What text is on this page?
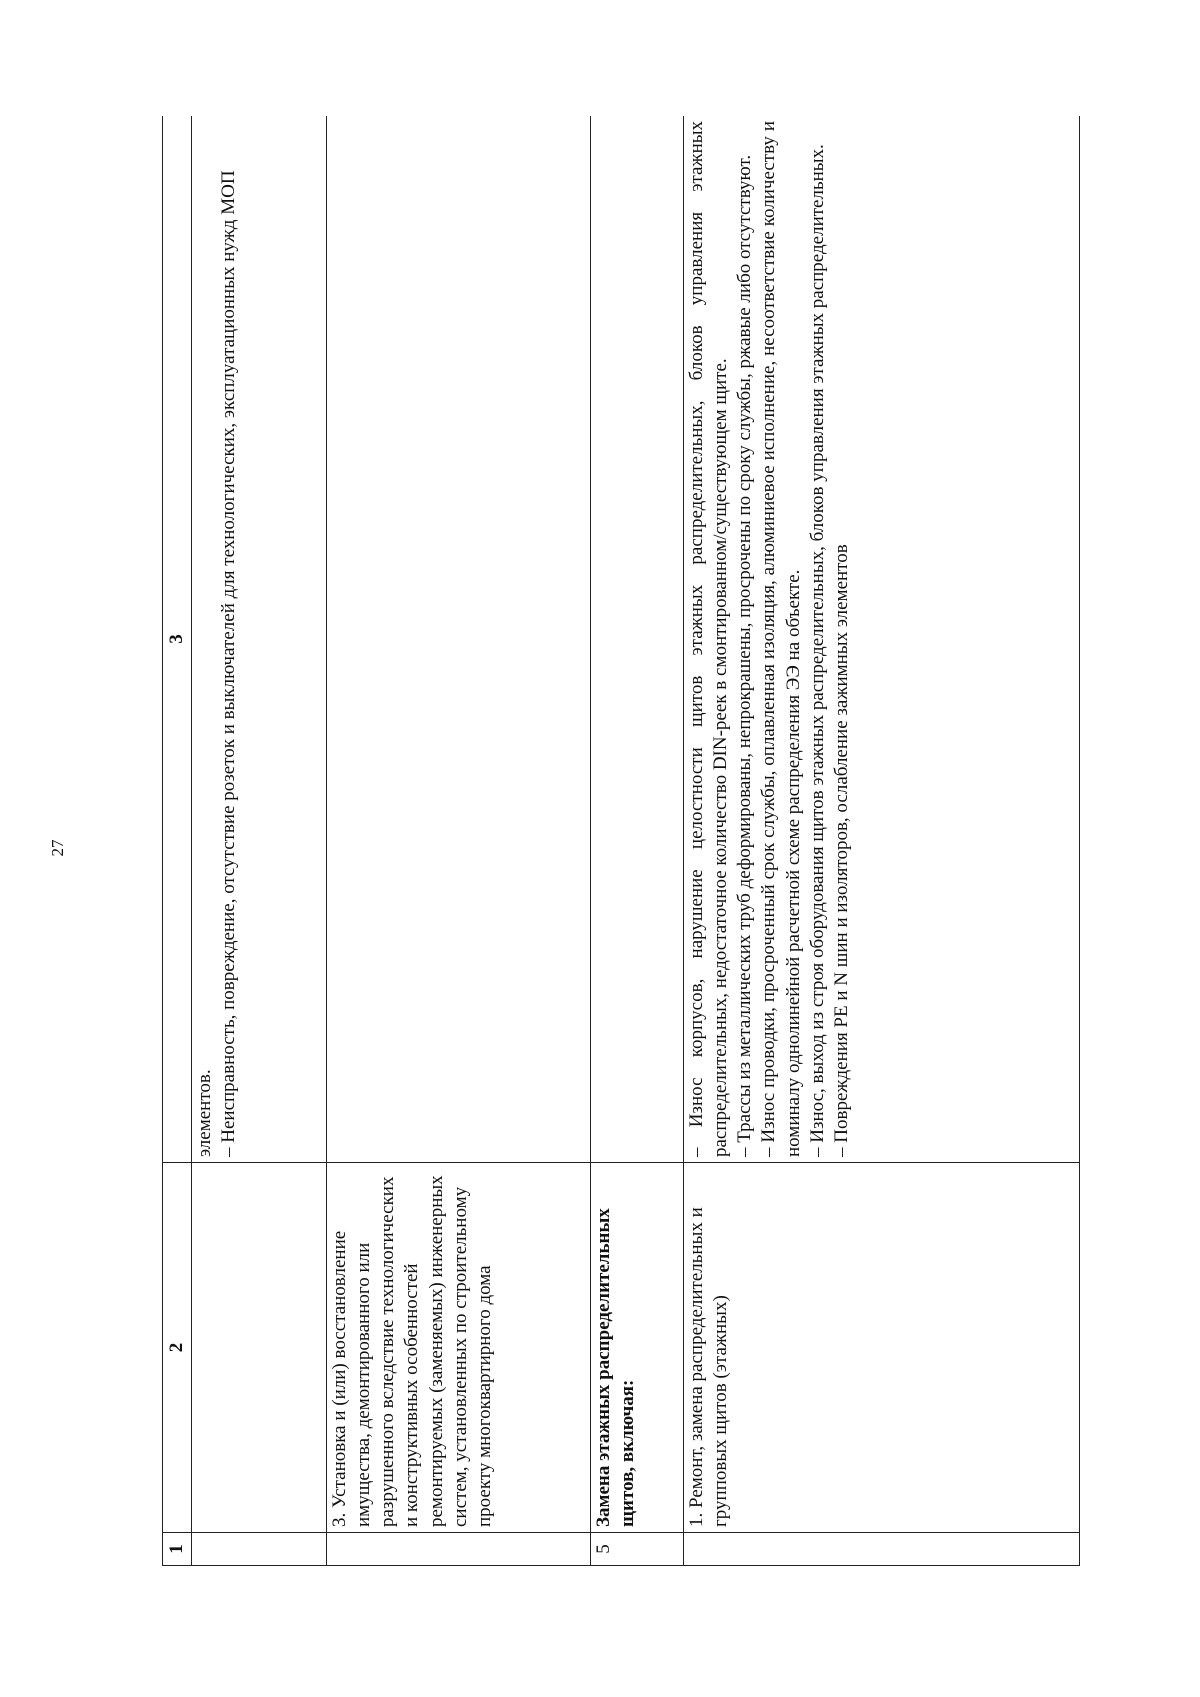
27
1	2	3

		элементов. – Неисправность, повреждение, отсутствие розеток и выключателей для технологических, эксплуатационных нужд МОП

	3. Установка и (или) восстановление имущества, демонтированного или разрушенного вследствие технологических и конструктивных особенностей ремонтируемых (заменяемых) инженерных систем, установленных по строительному проекту многоквартирного дома	
5	Замена этажных распределительных щитов, включая:	
	1. Ремонт, замена распределительных и групповых щитов (этажных)	– Износ корпусов, нарушение целостности щитов этажных распределительных, блоков управления этажных распределительных, недостаточное количество DIN-реек в смонтированном/существующем щите. – Трассы из металлических труб деформированы, непрокрашены, просрочены по сроку службы, ржавые либо отсутствуют. – Износ проводки, просроченный срок службы, оплавленная изоляция, алюминиевое исполнение, несоответствие количеству и номиналу однолинейной расчетной схеме распределения ЭЭ на объекте. – Износ, выход из строя оборудования щитов этажных распределительных, блоков управления этажных распределительных. – Повреждения PE и N шин и изоляторов, ослабление зажимных элементов
